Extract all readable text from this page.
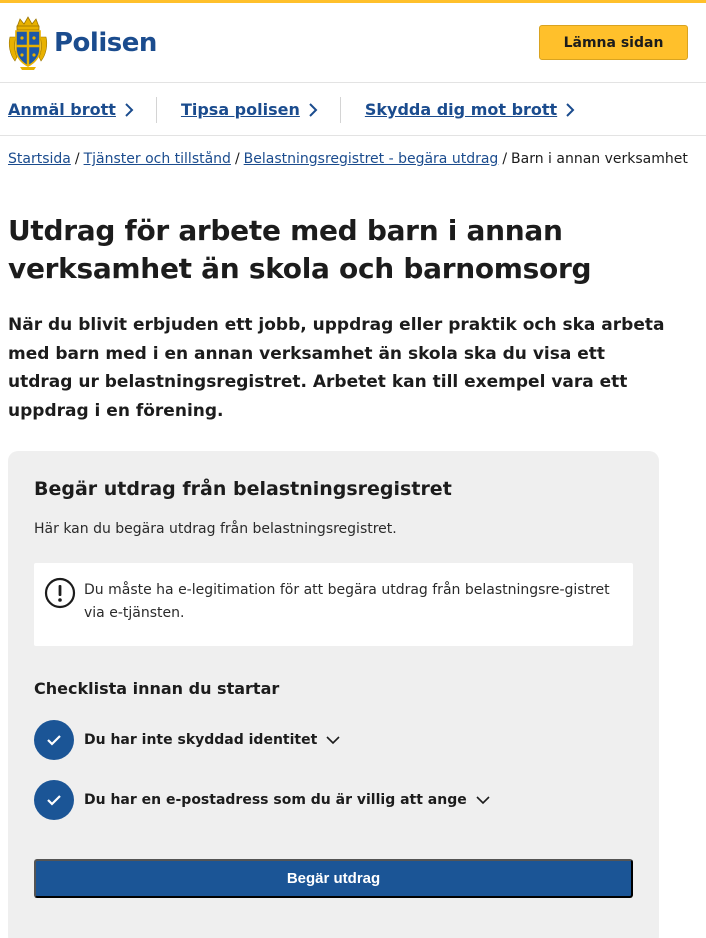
Polisen	Lämna sidan
Anmäl brott	Tipsa polisen	Skydda dig mot brott
Startsida / Tjänster och tillstånd / Belastningsregistret - begära utdrag / Barn i annan verksamhet
Utdrag för arbete med barn i annan verksamhet än skola och barnomsorg

När du blivit erbjuden ett jobb, uppdrag eller praktik och ska arbeta med barn med i en annan verksamhet än skola ska du visa ett utdrag ur belastningsregistret. Arbetet kan till exempel vara ett uppdrag i en förening.

Begär utdrag från belastningsregistret

Här kan du begära utdrag från belastningsregistret.

Du måste ha e-legitimation för att begära utdrag från belastningsre-gistret via e-tjänsten.

Checklista innan du startar
Du har inte skyddad identitet
Du har en e-postadress som du är villig att ange
Begär utdrag
